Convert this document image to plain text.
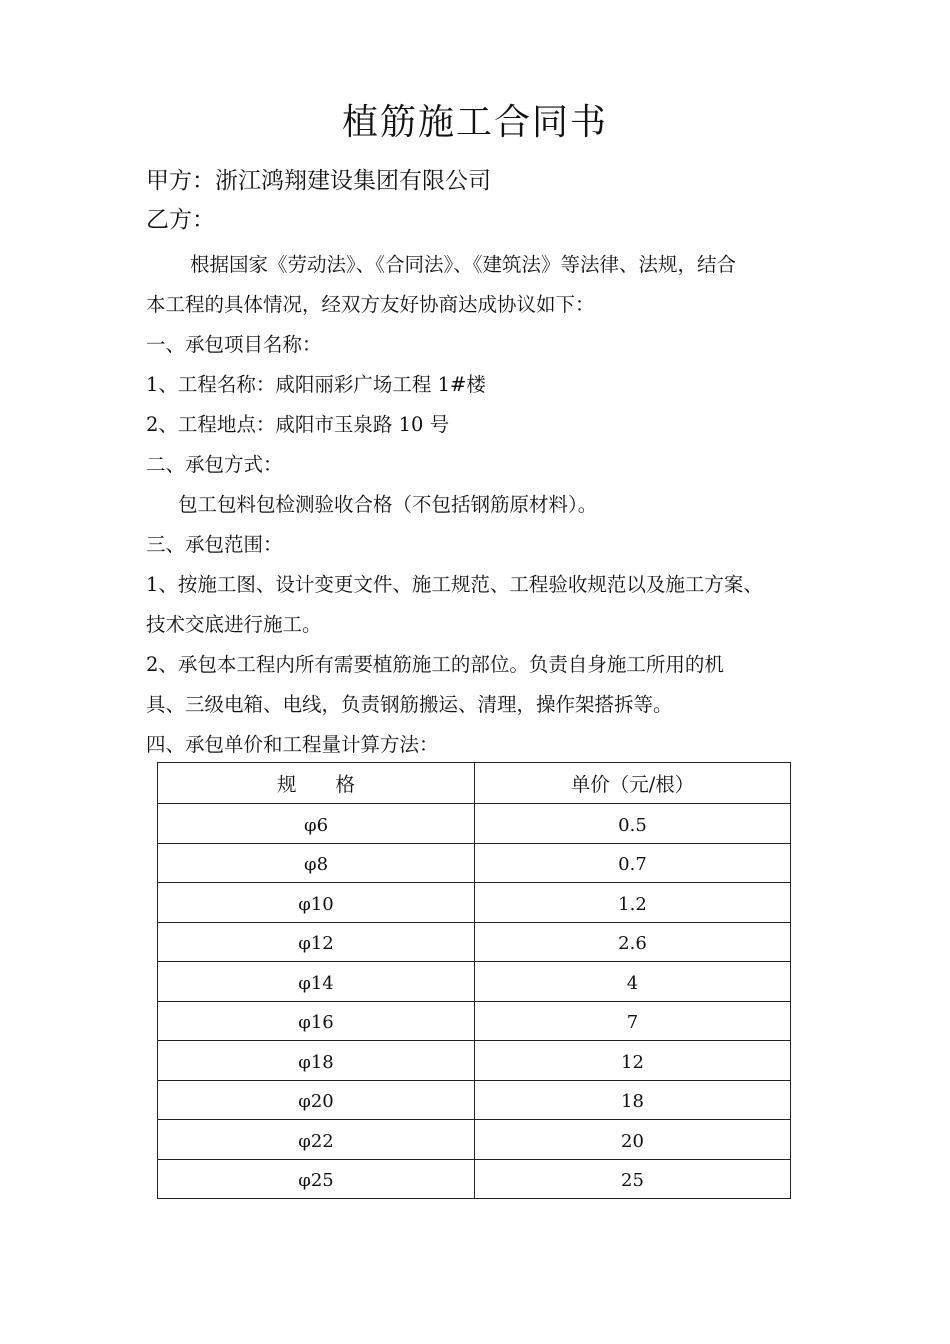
植筋施工合同书
甲方：浙江鸿翔建设集团有限公司
乙方：
根据国家《劳动法》、《合同法》、《建筑法》等法律、法规，结合
本工程的具体情况，经双方友好协商达成协议如下：
一、承包项目名称：
1、工程名称：咸阳丽彩广场工程 1#楼
2、工程地点：咸阳市玉泉路 10 号
二、承包方式：
包工包料包检测验收合格（不包括钢筋原材料）。
三、承包范围：
1、按施工图、设计变更文件、施工规范、工程验收规范以及施工方案、
技术交底进行施工。
2、承包本工程内所有需要植筋施工的部位。负责自身施工所用的机
具、三级电箱、电线，负责钢筋搬运、清理，操作架搭拆等。
四、承包单价和工程量计算方法：
规　　格	单价（元/根）
φ6	0.5
φ8	0.7
φ10	1.2
φ12	2.6
φ14	4
φ16	7
φ18	12
φ20	18
φ22	20
φ25	25
